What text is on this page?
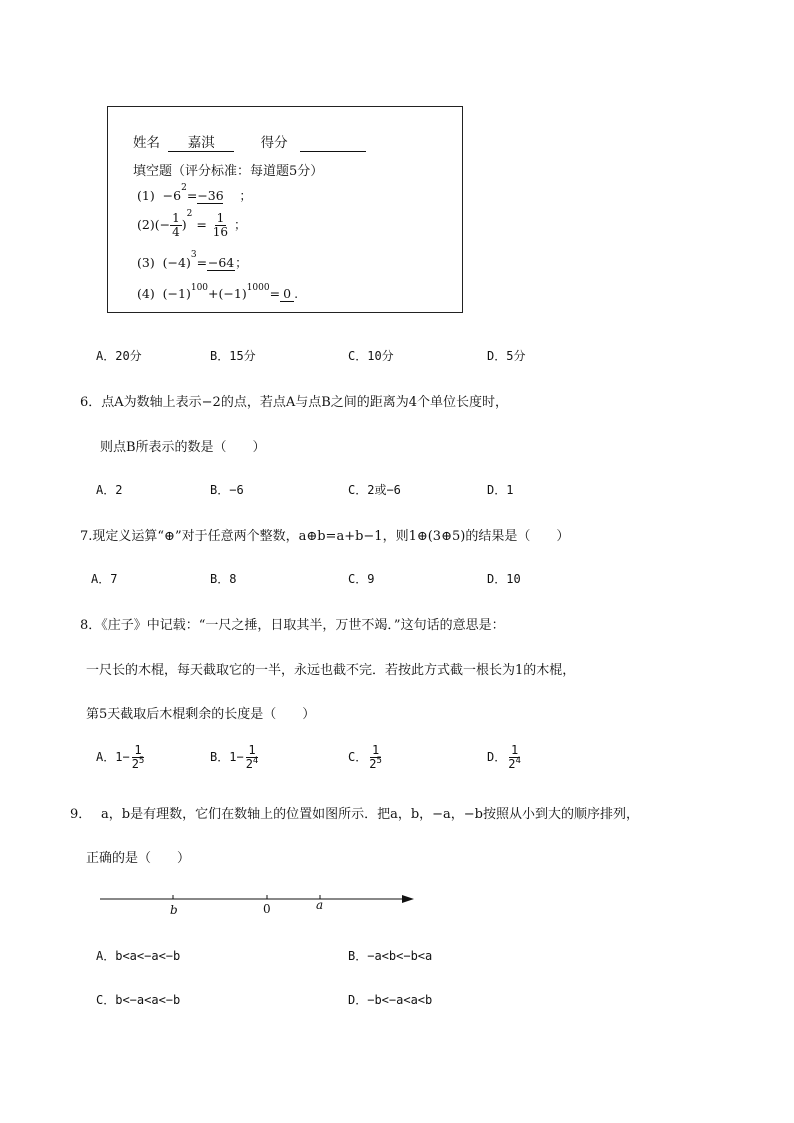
姓名 嘉淇	得分
填空题（评分标准：每道题5分）
$(1) -6^2=-36$ ；
$(2)(- \frac{1}{4} )^2 = \frac{1}{16}$ ；
(3) $(-4)^3=-64$；
(4) $(-1)^{100}+(-1)^{1000}= 0$ .
A．20分	B．15分	C．10分	D．5分
6．点A为数轴上表示−2的点，若点A与点B之间的距离为4个单位长度时，
则点B所表示的数是（　　）
A．2	B．−6	C．2或−6	D．1
7.现定义运算“⊕”对于任意两个整数，a⊕b=a+b−1，则1⊕(3⊕5)的结果是（　　）
A．7	B．8	C．9	D．10
8．《庄子》中记载：“一尺之捶，日取其半，万世不竭．”这句话的意思是：
一尺长的木棍，每天截取它的一半，永远也截不完．若按此方式截一根长为1的木棍，
第5天截取后木棍剩余的长度是（　　）
A．$1- \frac{1}{2^5}$	B．$1- \frac{1}{2^4}$	C． $\frac{1}{2^5}$	D． $\frac{1}{2^4}$
9． a，b是有理数，它们在数轴上的位置如图所示．把a，b，−a，−b按照从小到大的顺序排列，
正确的是（　　）
b	0	a
A．b<a<−a<−b	B．−a<b<−b<a
C．b<−a<a<−b	D．−b<−a<a<b
